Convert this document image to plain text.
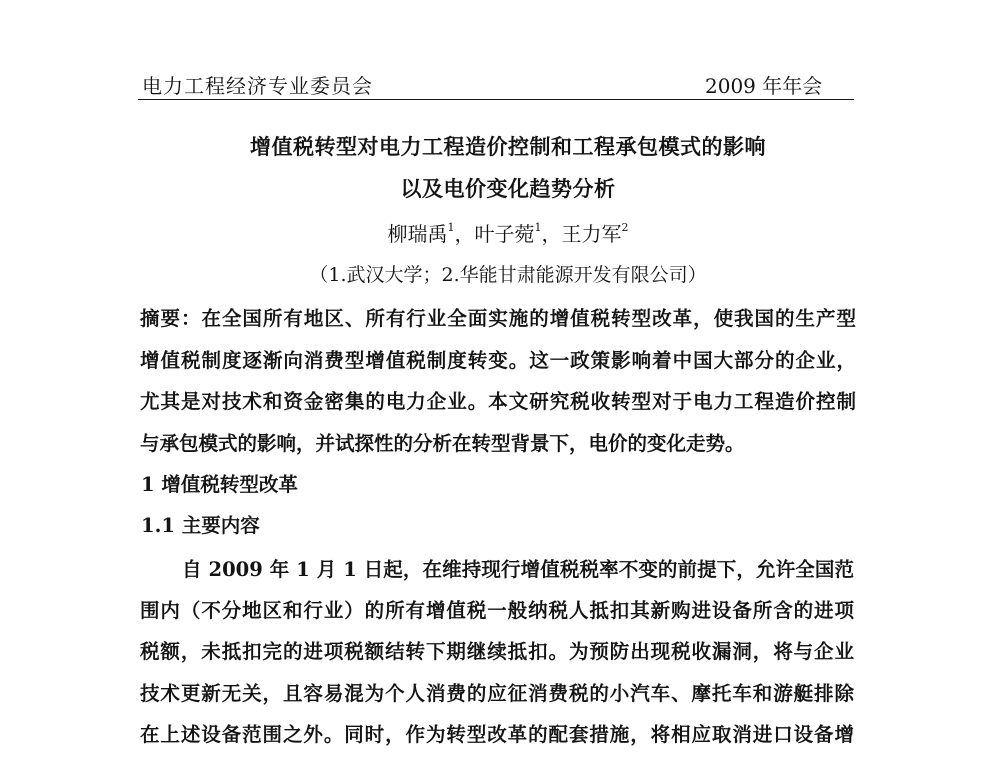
电力工程经济专业委员会	2009 年年会
增值税转型对电力工程造价控制和工程承包模式的影响
以及电价变化趋势分析
柳瑞禹$^1$，叶子菀$^1$，王力军$^2$
（1.武汉大学；2.华能甘肃能源开发有限公司）
摘要：在全国所有地区、所有行业全面实施的增值税转型改革，使我国的生产型
增值税制度逐渐向消费型增值税制度转变。这一政策影响着中国大部分的企业，
尤其是对技术和资金密集的电力企业。本文研究税收转型对于电力工程造价控制
与承包模式的影响，并试探性的分析在转型背景下，电价的变化走势。
1 增值税转型改革
1.1 主要内容
自 2009 年 1 月 1 日起，在维持现行增值税税率不变的前提下，允许全国范
围内（不分地区和行业）的所有增值税一般纳税人抵扣其新购进设备所含的进项
税额，未抵扣完的进项税额结转下期继续抵扣。为预防出现税收漏洞，将与企业
技术更新无关，且容易混为个人消费的应征消费税的小汽车、摩托车和游艇排除
在上述设备范围之外。同时，作为转型改革的配套措施，将相应取消进口设备增
